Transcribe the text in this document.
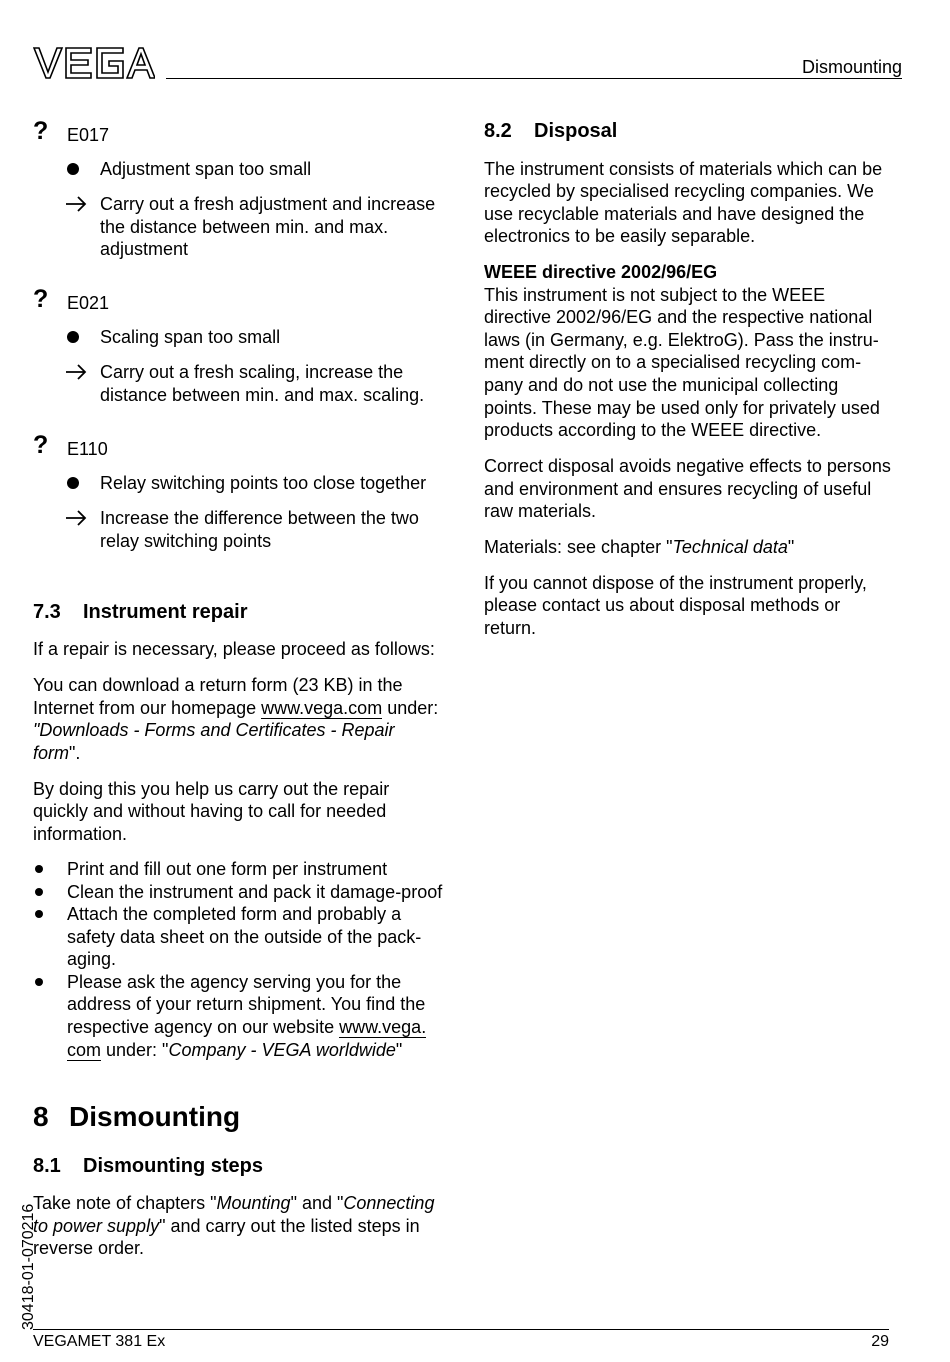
Dismounting
? E017
Adjustment span too small
Carry out a fresh adjustment and increase
the distance between min. and max.
adjustment
? E021
Scaling span too small
Carry out a fresh scaling, increase the
distance between min. and max. scaling.
? E110
Relay switching points too close together
Increase the difference between the two
relay switching points
7.3 Instrument repair
If a repair is necessary, please proceed as follows:
You can download a return form (23 KB) in the
Internet from our homepage www.vega.com under:
"Downloads - Forms and Certificates - Repair
form".
By doing this you help us carry out the repair
quickly and without having to call for needed
information.
Print and fill out one form per instrument
Clean the instrument and pack it damage-proof
Attach the completed form and probably a
safety data sheet on the outside of the pack-
aging.
Please ask the agency serving you for the
address of your return shipment. You find the
respective agency on our website www.vega.
com under: "Company - VEGA worldwide"
8 Dismounting
8.1 Dismounting steps
Take note of chapters "Mounting" and "Connecting
to power supply" and carry out the listed steps in
reverse order.
8.2 Disposal
The instrument consists of materials which can be
recycled by specialised recycling companies. We
use recyclable materials and have designed the
electronics to be easily separable.
WEEE directive 2002/96/EG
This instrument is not subject to the WEEE
directive 2002/96/EG and the respective national
laws (in Germany, e.g. ElektroG). Pass the instru-
ment directly on to a specialised recycling com-
pany and do not use the municipal collecting
points. These may be used only for privately used
products according to the WEEE directive.
Correct disposal avoids negative effects to persons
and environment and ensures recycling of useful
raw materials.
Materials: see chapter "Technical data"
If you cannot dispose of the instrument properly,
please contact us about disposal methods or
return.
30418-01-070216
VEGAMET 381 Ex	29
